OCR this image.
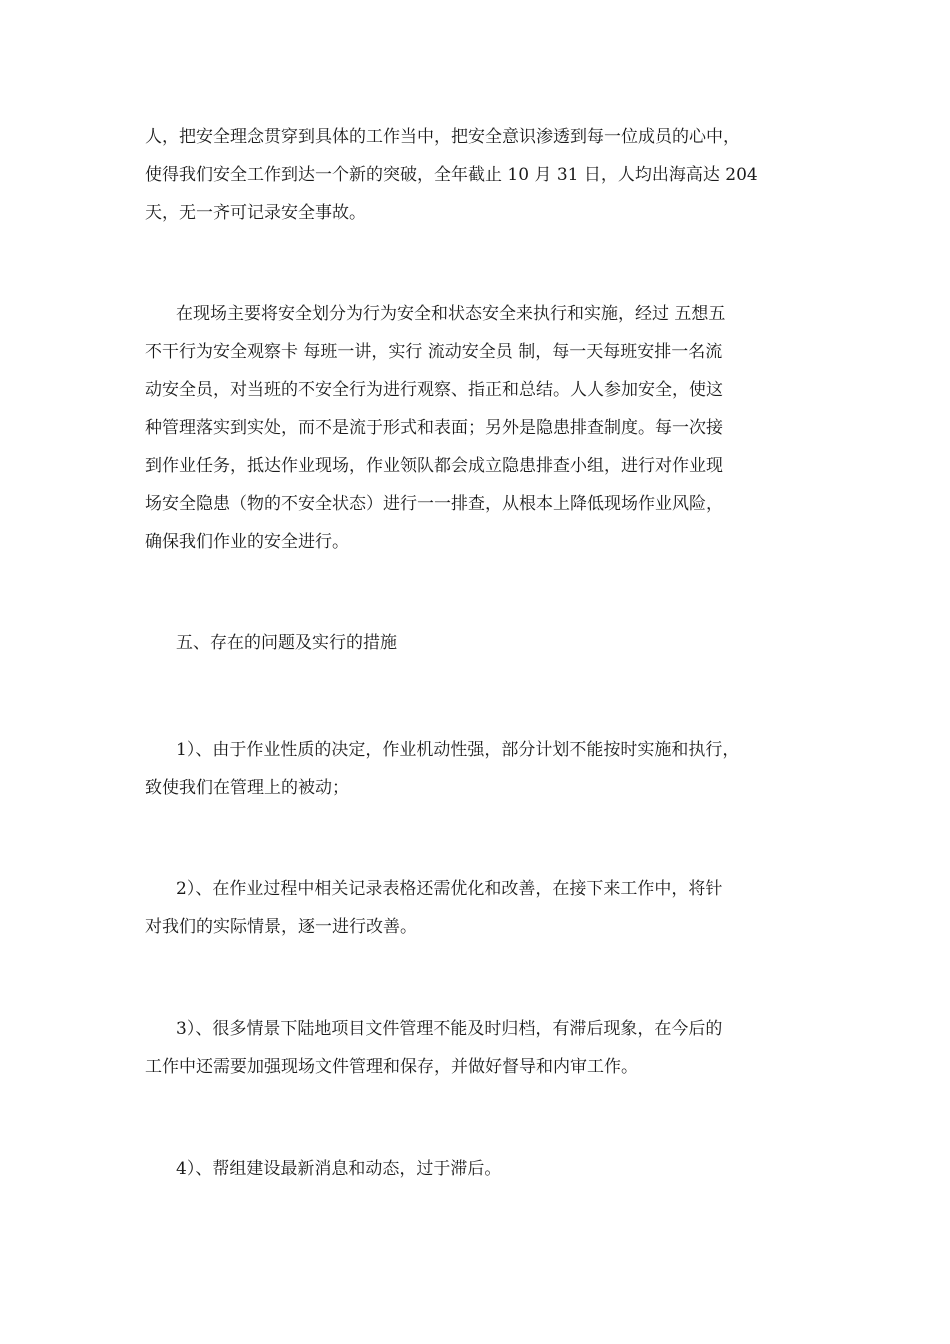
人，把安全理念贯穿到具体的工作当中，把安全意识渗透到每一位成员的心中，
使得我们安全工作到达一个新的突破，全年截止 10 月 31 日，人均出海高达 204
天，无一齐可记录安全事故。

在现场主要将安全划分为行为安全和状态安全来执行和实施，经过 五想五
不干行为安全观察卡 每班一讲，实行 流动安全员 制，每一天每班安排一名流
动安全员，对当班的不安全行为进行观察、指正和总结。人人参加安全，使这
种管理落实到实处，而不是流于形式和表面；另外是隐患排查制度。每一次接
到作业任务，抵达作业现场，作业领队都会成立隐患排查小组，进行对作业现
场安全隐患（物的不安全状态）进行一一排查，从根本上降低现场作业风险，
确保我们作业的安全进行。

五、存在的问题及实行的措施

1）、由于作业性质的决定，作业机动性强，部分计划不能按时实施和执行，
致使我们在管理上的被动；

2）、在作业过程中相关记录表格还需优化和改善，在接下来工作中，将针
对我们的实际情景，逐一进行改善。

3）、很多情景下陆地项目文件管理不能及时归档，有滞后现象，在今后的
工作中还需要加强现场文件管理和保存，并做好督导和内审工作。

4）、帮组建设最新消息和动态，过于滞后。
